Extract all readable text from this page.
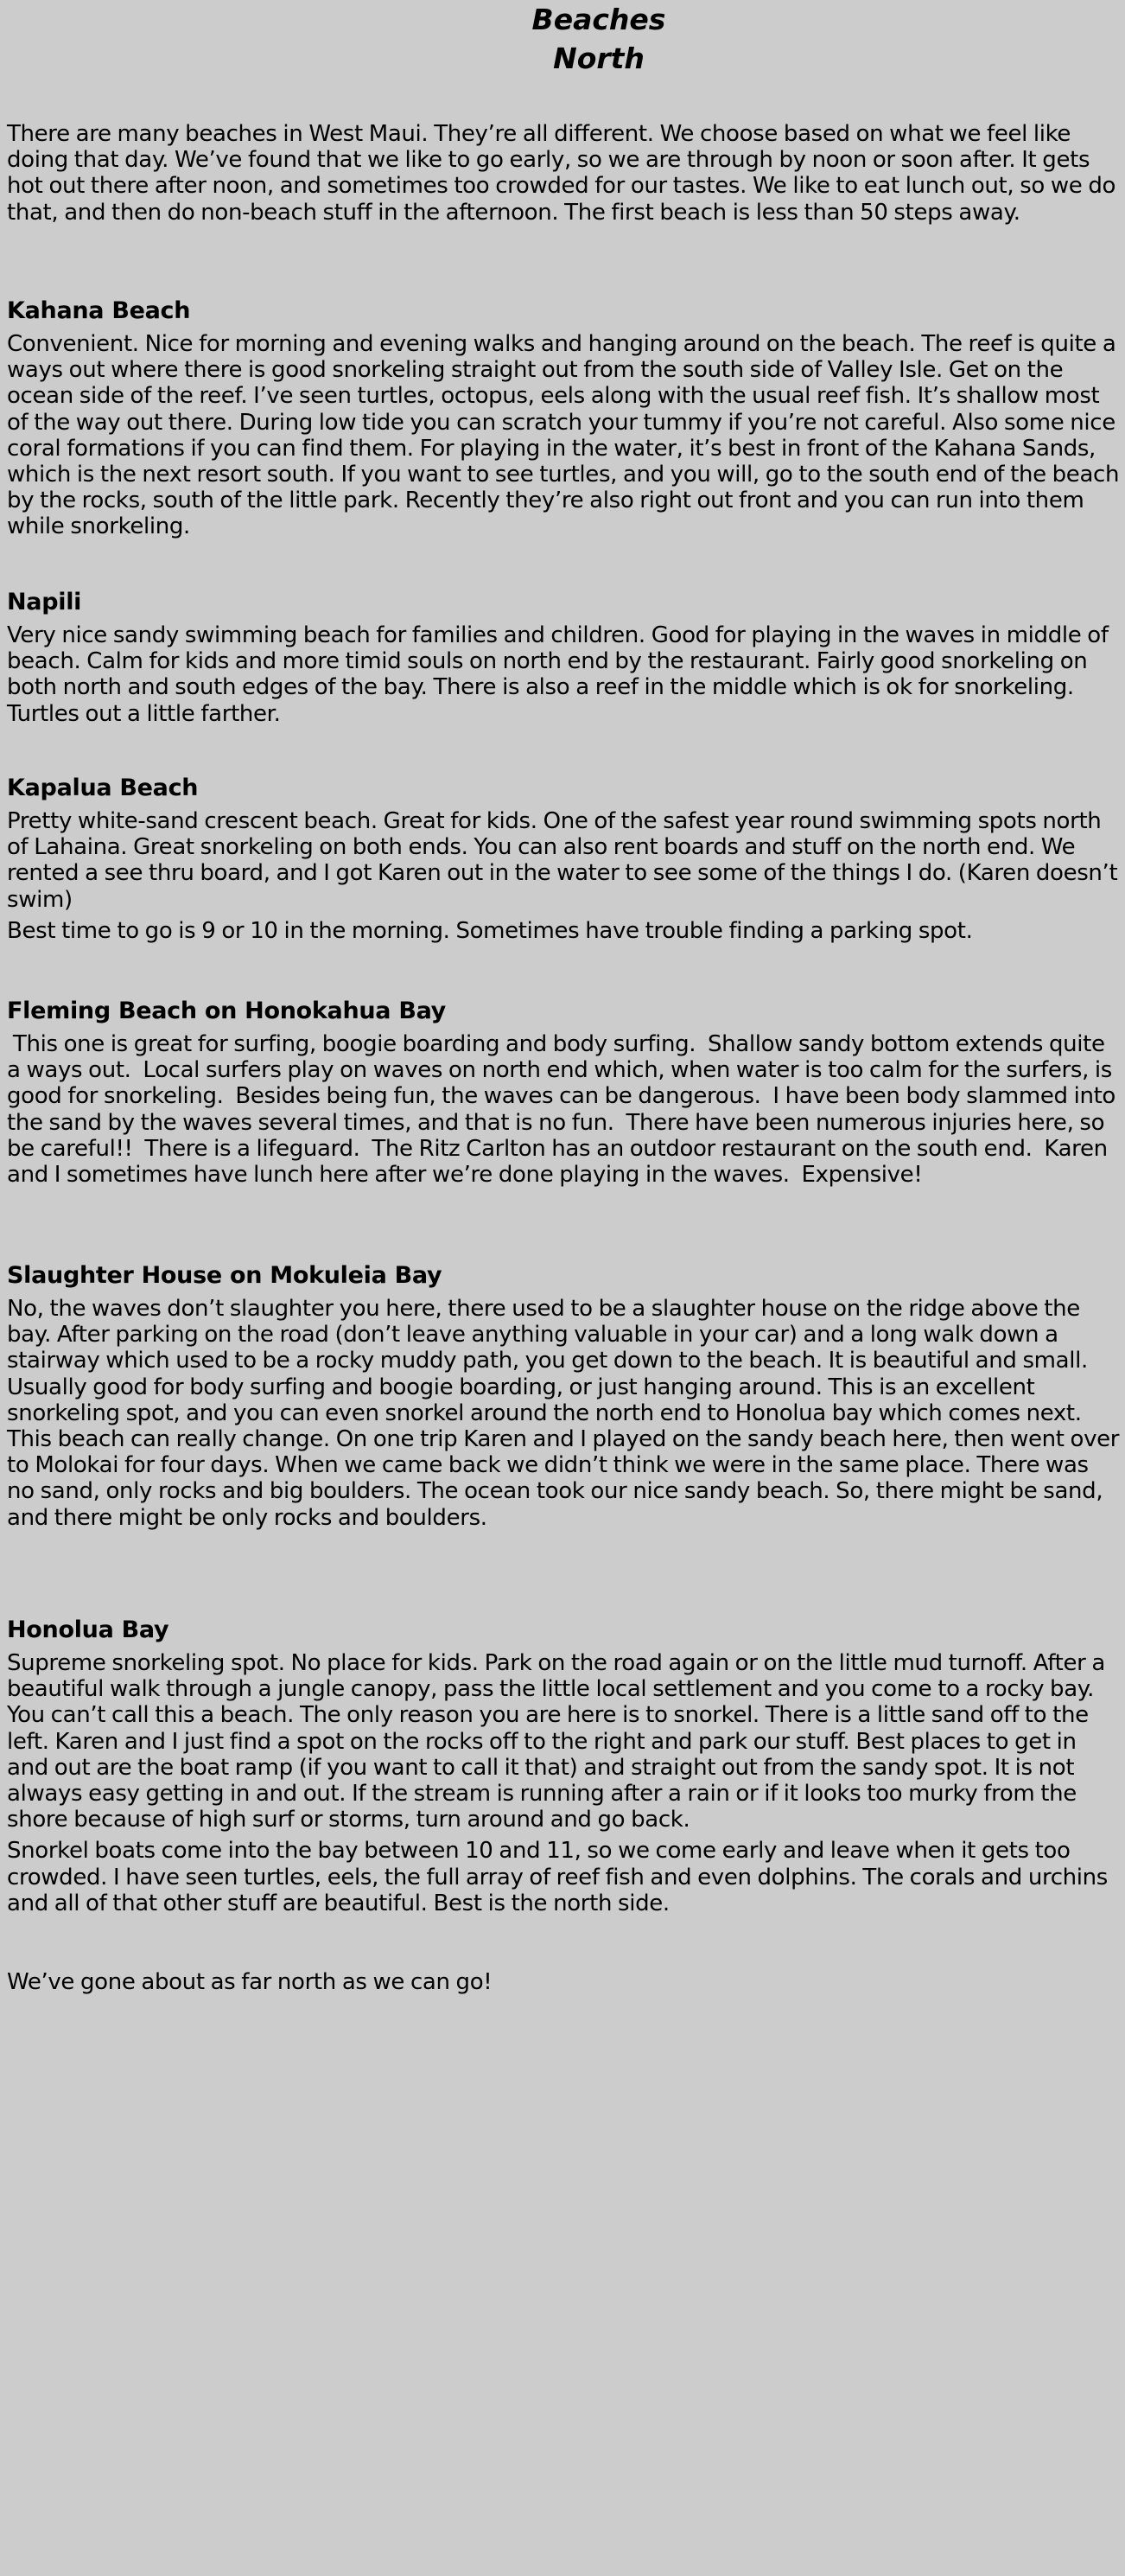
Beaches
North

There are many beaches in West Maui. They’re all different. We choose based on what we feel like doing that day. We’ve found that we like to go early, so we are through by noon or soon after. It gets hot out there after noon, and sometimes too crowded for our tastes. We like to eat lunch out, so we do that, and then do non-beach stuff in the afternoon. The first beach is less than 50 steps away.

Kahana Beach

Convenient. Nice for morning and evening walks and hanging around on the beach. The reef is quite a ways out where there is good snorkeling straight out from the south side of Valley Isle. Get on the ocean side of the reef. I’ve seen turtles, octopus, eels along with the usual reef fish. It’s shallow most of the way out there. During low tide you can scratch your tummy if you’re not careful. Also some nice coral formations if you can find them. For playing in the water, it’s best in front of the Kahana Sands, which is the next resort south. If you want to see turtles, and you will, go to the south end of the beach by the rocks, south of the little park. Recently they’re also right out front and you can run into them while snorkeling.

Napili

Very nice sandy swimming beach for families and children. Good for playing in the waves in middle of beach. Calm for kids and more timid souls on north end by the restaurant. Fairly good snorkeling on both north and south edges of the bay. There is also a reef in the middle which is ok for snorkeling. Turtles out a little farther.

Kapalua Beach

Pretty white-sand crescent beach. Great for kids. One of the safest year round swimming spots north of Lahaina. Great snorkeling on both ends. You can also rent boards and stuff on the north end. We rented a see thru board, and I got Karen out in the water to see some of the things I do. (Karen doesn’t swim)

Best time to go is 9 or 10 in the morning. Sometimes have trouble finding a parking spot.

Fleming Beach on Honokahua Bay

This one is great for surfing, boogie boarding and body surfing.  Shallow sandy bottom extends quite a ways out.  Local surfers play on waves on north end which, when water is too calm for the surfers, is good for snorkeling.  Besides being fun, the waves can be dangerous.  I have been body slammed into the sand by the waves several times, and that is no fun.  There have been numerous injuries here, so be careful!!  There is a lifeguard.  The Ritz Carlton has an outdoor restaurant on the south end.  Karen and I sometimes have lunch here after we’re done playing in the waves.  Expensive!

Slaughter House on Mokuleia Bay

No, the waves don’t slaughter you here, there used to be a slaughter house on the ridge above the bay. After parking on the road (don’t leave anything valuable in your car) and a long walk down a stairway which used to be a rocky muddy path, you get down to the beach. It is beautiful and small. Usually good for body surfing and boogie boarding, or just hanging around. This is an excellent snorkeling spot, and you can even snorkel around the north end to Honolua bay which comes next. This beach can really change. On one trip Karen and I played on the sandy beach here, then went over to Molokai for four days. When we came back we didn’t think we were in the same place. There was no sand, only rocks and big boulders. The ocean took our nice sandy beach. So, there might be sand, and there might be only rocks and boulders.

Honolua Bay

Supreme snorkeling spot. No place for kids. Park on the road again or on the little mud turnoff. After a beautiful walk through a jungle canopy, pass the little local settlement and you come to a rocky bay. You can’t call this a beach. The only reason you are here is to snorkel. There is a little sand off to the left. Karen and I just find a spot on the rocks off to the right and park our stuff. Best places to get in and out are the boat ramp (if you want to call it that) and straight out from the sandy spot. It is not always easy getting in and out. If the stream is running after a rain or if it looks too murky from the shore because of high surf or storms, turn around and go back.

Snorkel boats come into the bay between 10 and 11, so we come early and leave when it gets too crowded. I have seen turtles, eels, the full array of reef fish and even dolphins. The corals and urchins and all of that other stuff are beautiful. Best is the north side.

We’ve gone about as far north as we can go!
